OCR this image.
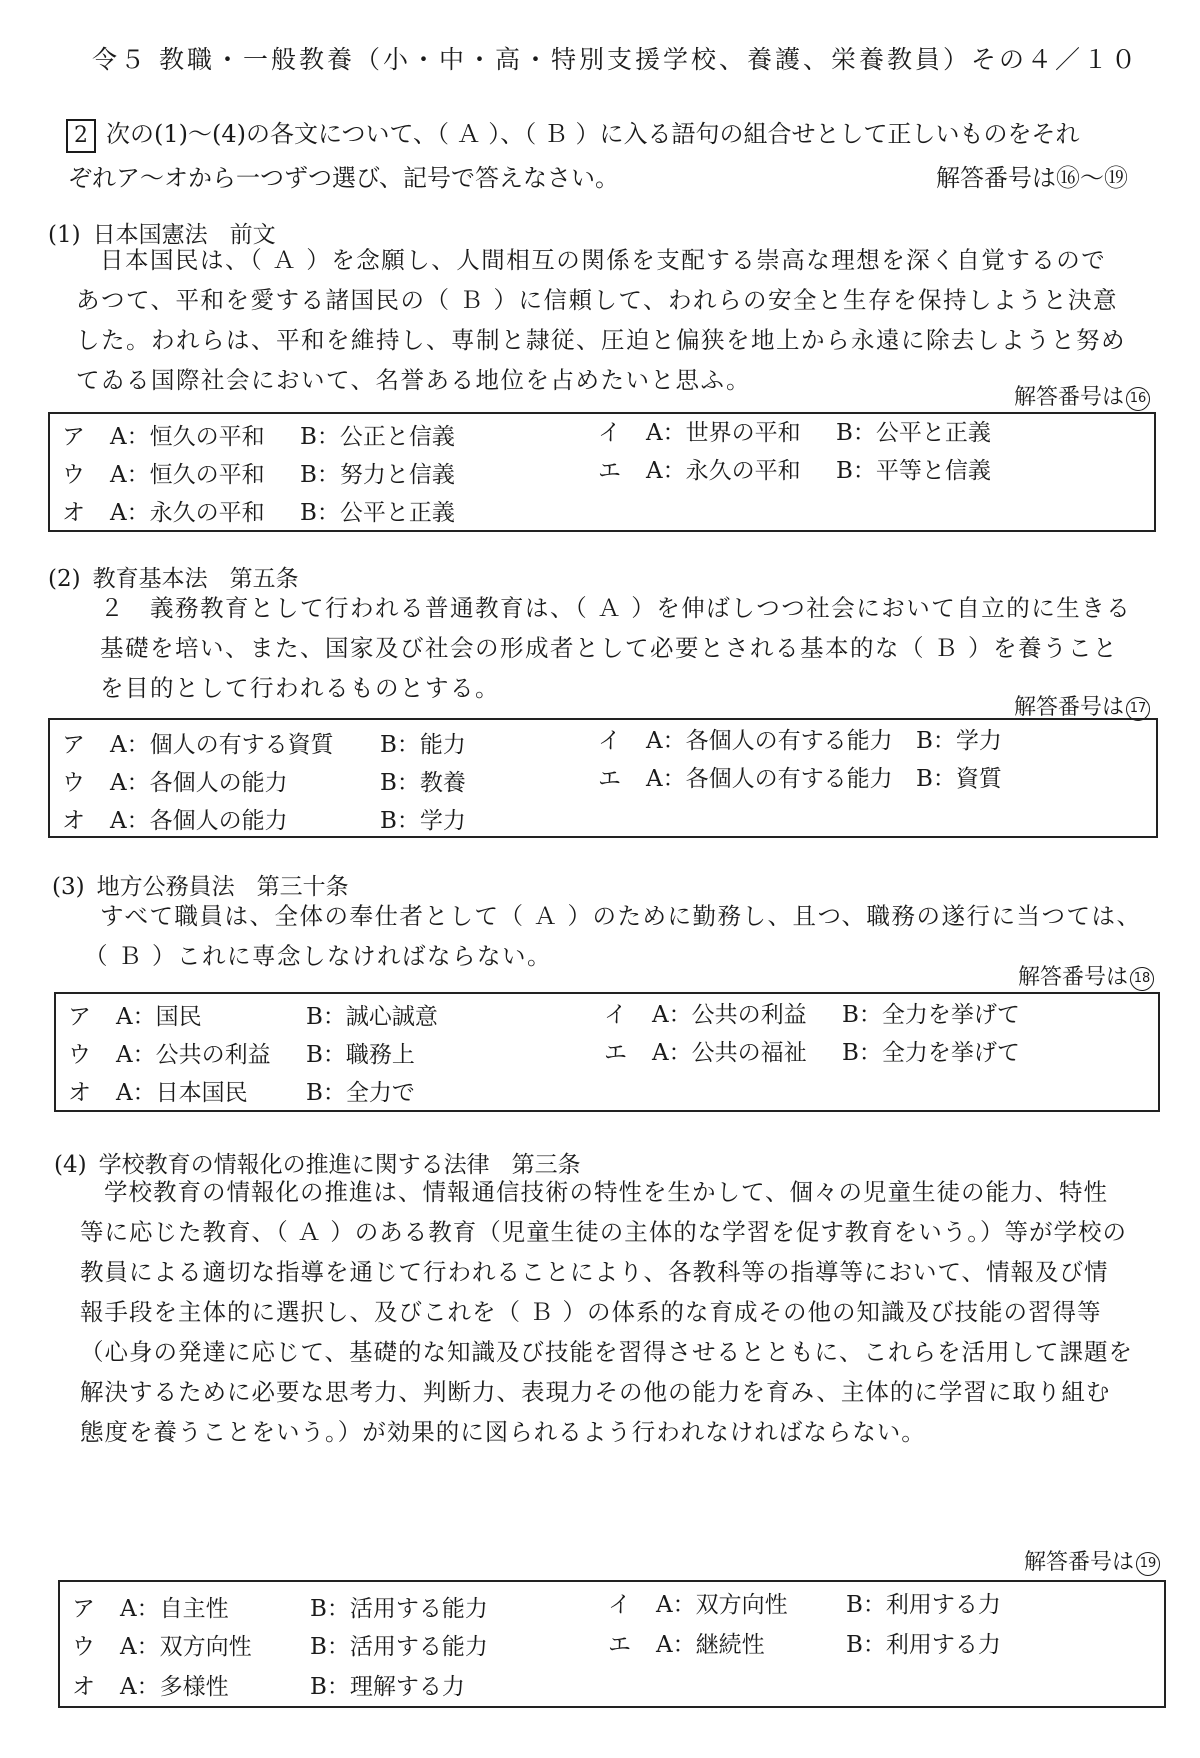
令５ 教職・一般教養（小・中・高・特別支援学校、養護、栄養教員）その４／１０
2 次の(1)～(4)の各文について、（ Ａ ）、（ Ｂ ）に入る語句の組合せとして正しいものをそれ
ぞれア～オから一つずつ選び、記号で答えなさい。	解答番号は⑯～⑲
(1) 日本国憲法 前文
日本国民は、（ Ａ ）を念願し、人間相互の関係を支配する崇高な理想を深く自覚するので
あつて、平和を愛する諸国民の（ Ｂ ）に信頼して、われらの安全と生存を保持しようと決意
した。われらは、平和を維持し、専制と隷従、圧迫と偏狭を地上から永遠に除去しようと努め
てゐる国際社会において、名誉ある地位を占めたいと思ふ。
解答番号は 16
ア A：恒久の平和 B：公正と信義	イ A：世界の平和 B：公平と正義
ウ A：恒久の平和 B：努力と信義	エ A：永久の平和 B：平等と信義
オ A：永久の平和 B：公平と正義
(2) 教育基本法 第五条
２　義務教育として行われる普通教育は、（ Ａ ）を伸ばしつつ社会において自立的に生きる
基礎を培い、また、国家及び社会の形成者として必要とされる基本的な（ Ｂ ）を養うこと
を目的として行われるものとする。
解答番号は 17
ア A：個人の有する資質 B：能力	イ A：各個人の有する能力 B：学力
ウ A：各個人の能力	B：教養	エ A：各個人の有する能力 B：資質
オ A：各個人の能力	B：学力
(3) 地方公務員法 第三十条
すべて職員は、全体の奉仕者として（ Ａ ）のために勤務し、且つ、職務の遂行に当つては、
（ Ｂ ）これに専念しなければならない。
解答番号は 18
ア A：国民	B：誠心誠意	イ A：公共の利益 B：全力を挙げて
ウ A：公共の利益 B：職務上	エ A：公共の福祉 B：全力を挙げて
オ A：日本国民	B：全力で
(4) 学校教育の情報化の推進に関する法律 第三条
学校教育の情報化の推進は、情報通信技術の特性を生かして、個々の児童生徒の能力、特性
等に応じた教育、（ Ａ ）のある教育（児童生徒の主体的な学習を促す教育をいう。）等が学校の
教員による適切な指導を通じて行われることにより、各教科等の指導等において、情報及び情
報手段を主体的に選択し、及びこれを（ Ｂ ）の体系的な育成その他の知識及び技能の習得等
（心身の発達に応じて、基礎的な知識及び技能を習得させるとともに、これらを活用して課題を
解決するために必要な思考力、判断力、表現力その他の能力を育み、主体的に学習に取り組む
態度を養うことをいう。）が効果的に図られるよう行われなければならない。
解答番号は 19
ア A：自主性	B：活用する能力	イ A：双方向性	B：利用する力
ウ A：双方向性	B：活用する能力	エ A：継続性	B：利用する力
オ A：多様性	B：理解する力
